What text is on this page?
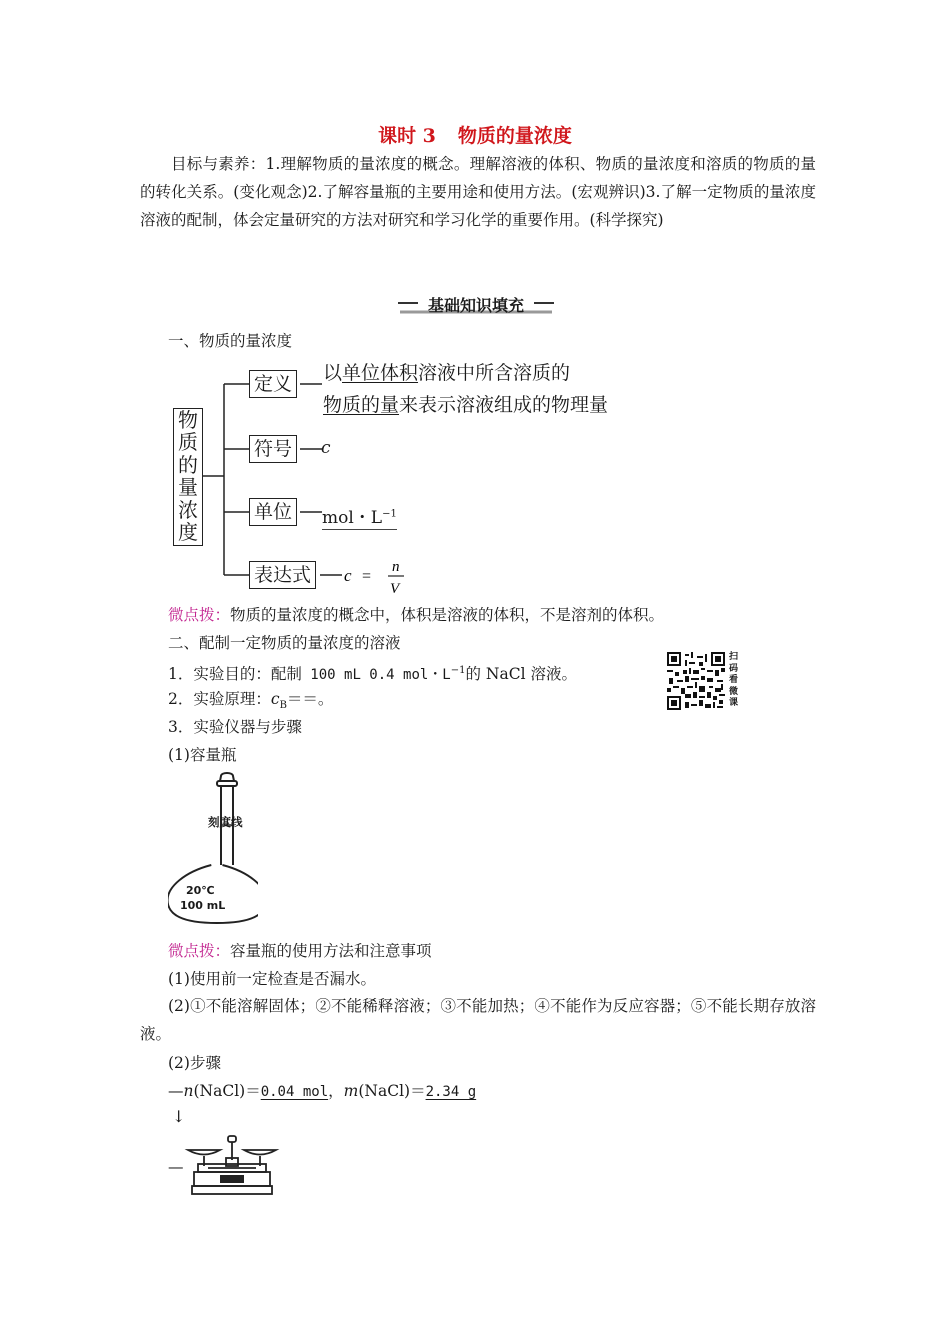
课时 3 物质的量浓度
目标与素养：1.理解物质的量浓度的概念。理解溶液的体积、物质的量浓度和溶质的物质的量的转化关系。(变化观念)2.了解容量瓶的主要用途和使用方法。(宏观辨识)3.了解一定物质的量浓度溶液的配制，体会定量研究的方法对研究和学习化学的重要作用。(科学探究)
基础知识填充
一、物质的量浓度
物
质
的
量
浓
度
定义 以单位体积溶液中所含溶质的
物质的量来表示溶液组成的物理量
符号 c
单位 mol・$L^{-1}$
表达式 c =
n
V
微点拨：物质的量浓度的概念中，体积是溶液的体积，不是溶剂的体积。
二、配制一定物质的量浓度的溶液
1．实验目的：配制 100 mL 0.4 mol・$L^{-1}$的 NaCl 溶液。
2．实验原理：$c_B==$。
3．实验仪器与步骤
(1)容量瓶
扫
码
看
微
课
刻度线
20℃
100 mL
微点拨：容量瓶的使用方法和注意事项
(1)使用前一定检查是否漏水。
(2)①不能溶解固体；②不能稀释溶液；③不能加热；④不能作为反应容器；⑤不能长期存放溶液。
(2)步骤
—n(NaCl)＝0.04 mol，m(NaCl)＝2.34 g
↓
—
